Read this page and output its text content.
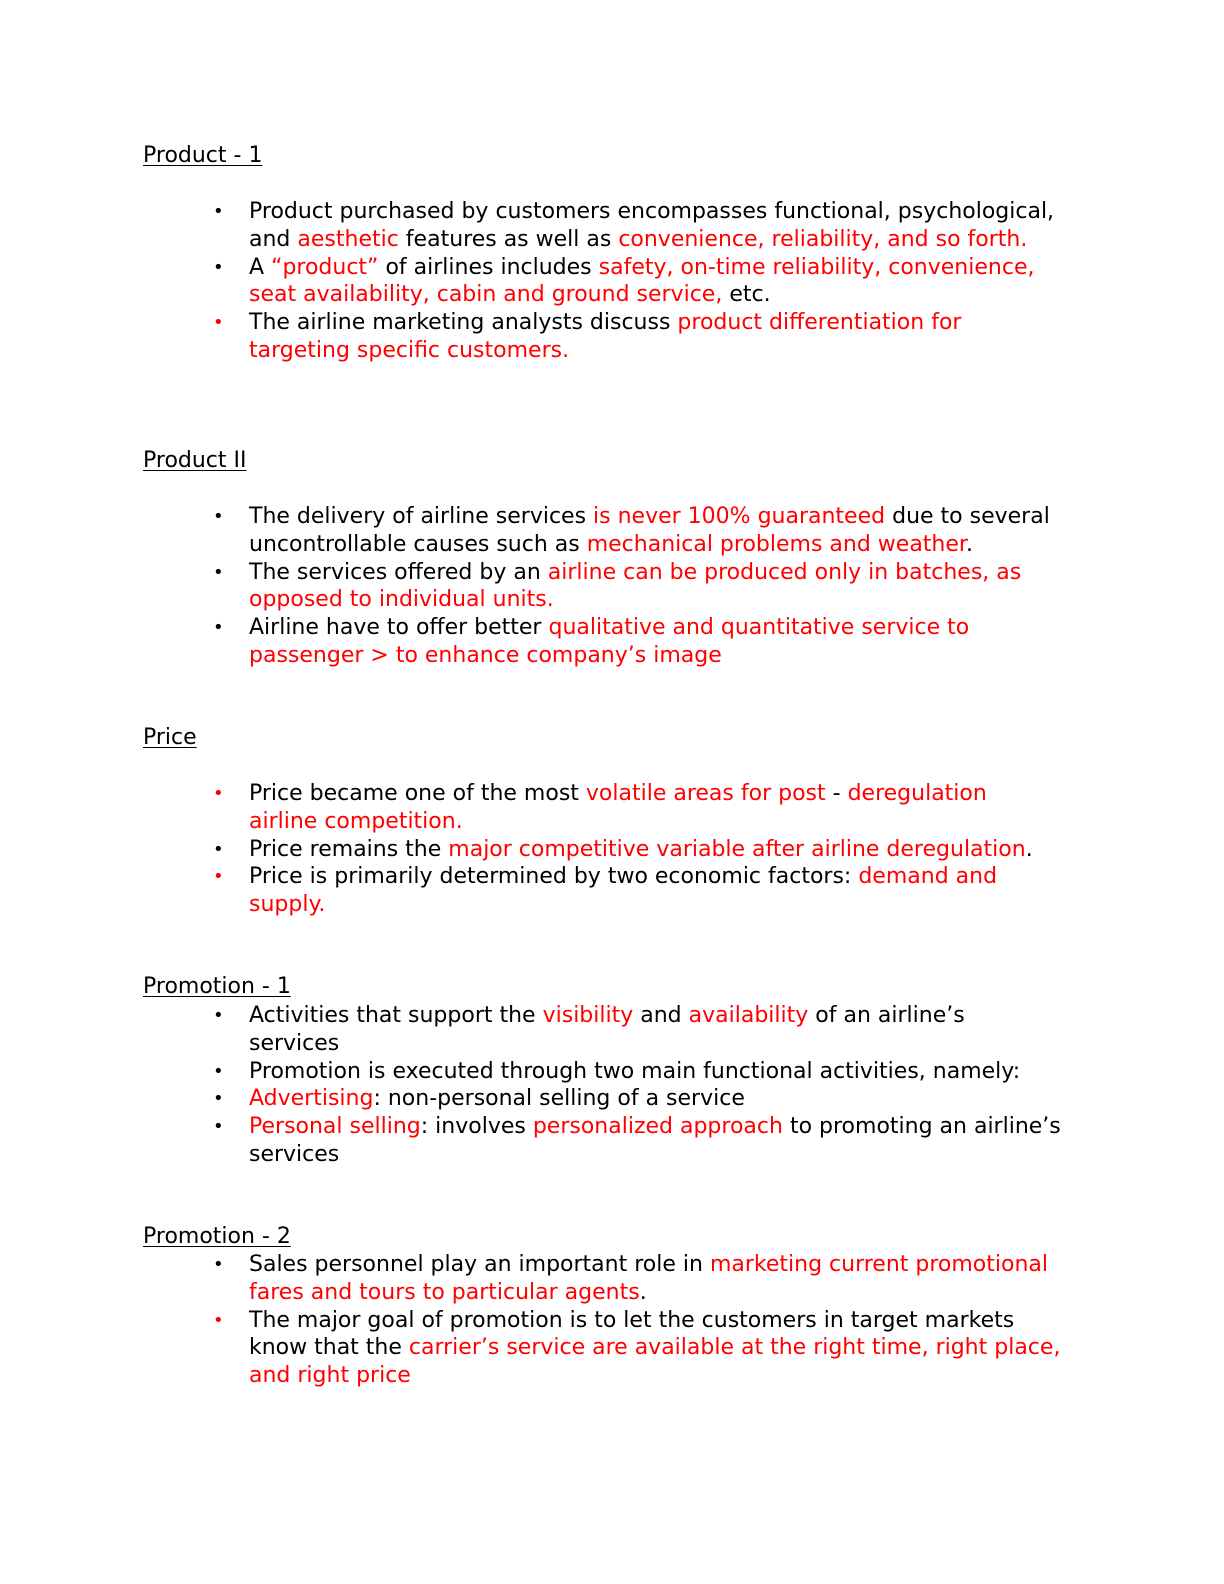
Product - 1
• Product purchased by customers encompasses functional, psychological, and aesthetic features as well as convenience, reliability, and so forth.
• A “product” of airlines includes safety, on-time reliability, convenience, seat availability, cabin and ground service, etc.
• The airline marketing analysts discuss product differentiation for targeting specific customers.
Product II
• The delivery of airline services is never 100% guaranteed due to several uncontrollable causes such as mechanical problems and weather.
• The services offered by an airline can be produced only in batches, as opposed to individual units.
• Airline have to offer better qualitative and quantitative service to passenger > to enhance company’s image
Price
• Price became one of the most volatile areas for post - deregulation airline competition.
• Price remains the major competitive variable after airline deregulation.
• Price is primarily determined by two economic factors: demand and supply.
Promotion - 1
• Activities that support the visibility and availability of an airline’s services
• Promotion is executed through two main functional activities, namely:
• Advertising: non-personal selling of a service
• Personal selling: involves personalized approach to promoting an airline’s services
Promotion - 2
• Sales personnel play an important role in marketing current promotional fares and tours to particular agents.
• The major goal of promotion is to let the customers in target markets know that the carrier’s service are available at the right time, right place, and right price
